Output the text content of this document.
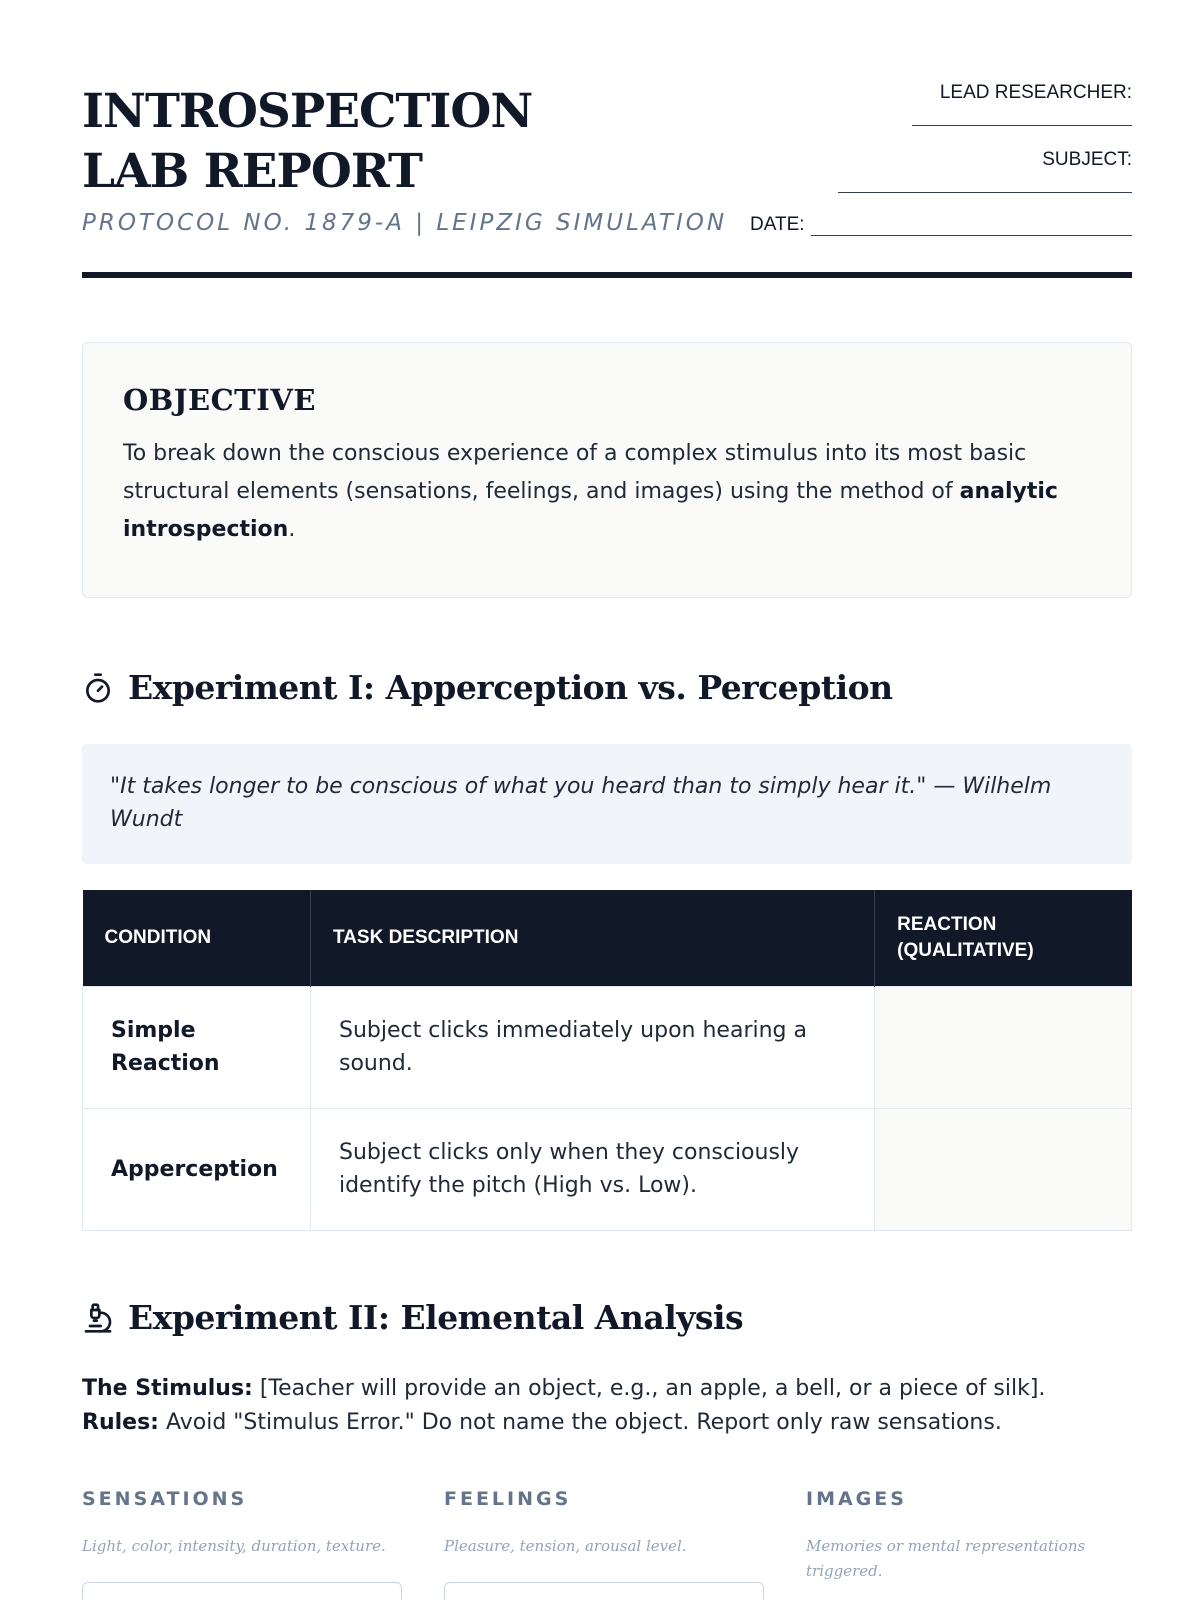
INTROSPECTION LAB REPORT
PROTOCOL NO. 1879-A | LEIPZIG SIMULATION
LEAD RESEARCHER:
SUBJECT:
DATE:
OBJECTIVE

To break down the conscious experience of a complex stimulus into its most basic structural elements (sensations, feelings, and images) using the method of analytic introspection.

Experiment I: Apperception vs. Perception
"It takes longer to be conscious of what you heard than to simply hear it." — Wilhelm Wundt
CONDITION	TASK DESCRIPTION	REACTION (QUALITATIVE)
Simple Reaction	Subject clicks immediately upon hearing a sound.	
Apperception	Subject clicks only when they consciously identify the pitch (High vs. Low).	
Experiment II: Elemental Analysis
The Stimulus: [Teacher will provide an object, e.g., an apple, a bell, or a piece of silk].
Rules: Avoid "Stimulus Error." Do not name the object. Report only raw sensations.
SENSATIONS
Light, color, intensity, duration, texture.
FEELINGS
Pleasure, tension, arousal level.
IMAGES
Memories or mental representations triggered.
